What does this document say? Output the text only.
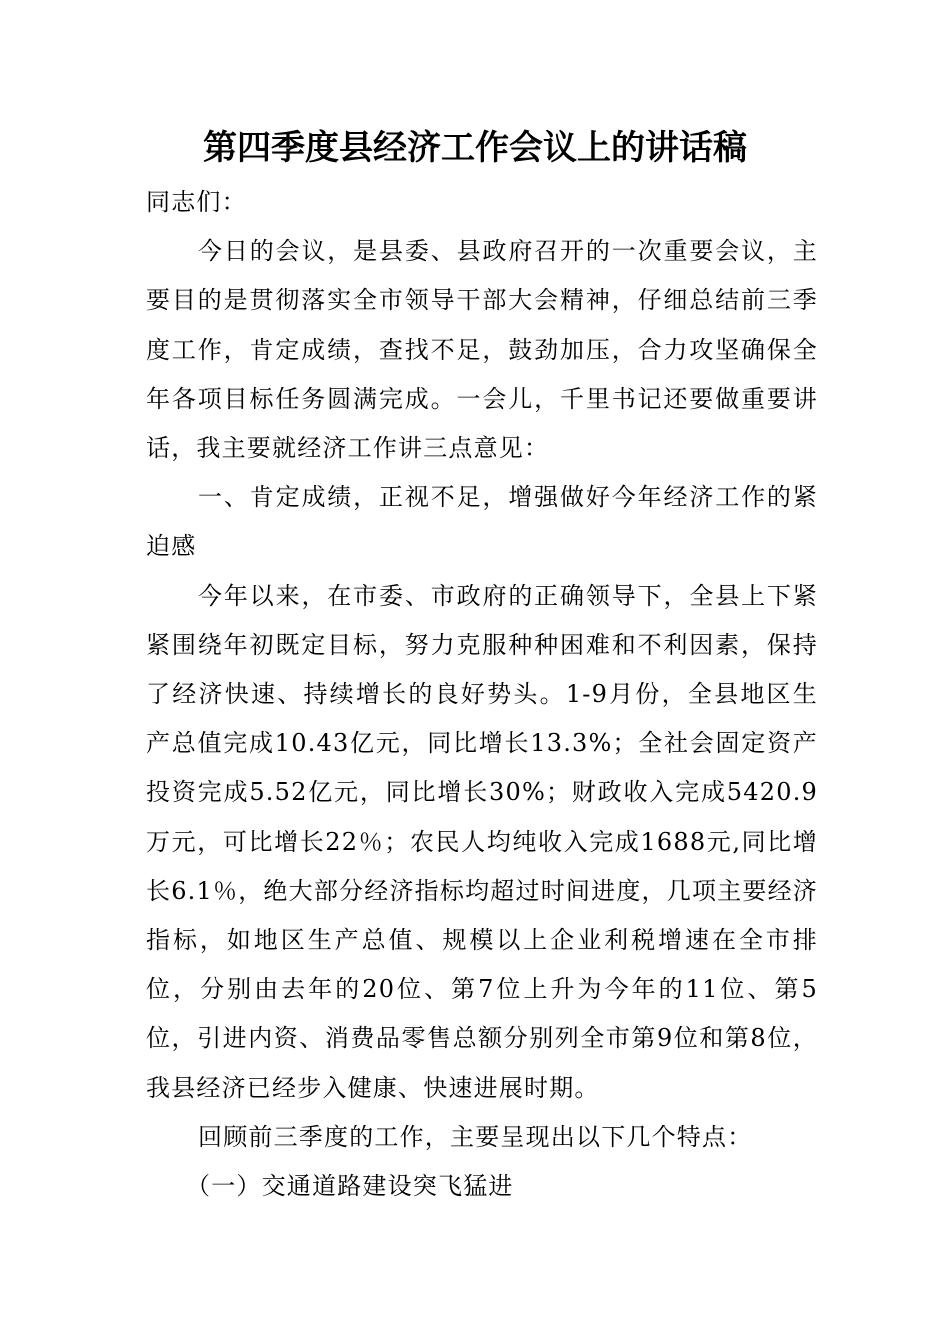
第四季度县经济工作会议上的讲话稿

同志们：

今日的会议，是县委、县政府召开的一次重要会议，主要目的是贯彻落实全市领导干部大会精神，仔细总结前三季度工作，肯定成绩，查找不足，鼓劲加压，合力攻坚确保全年各项目标任务圆满完成。一会儿，千里书记还要做重要讲话，我主要就经济工作讲三点意见：

一、肯定成绩，正视不足，增强做好今年经济工作的紧迫感

今年以来，在市委、市政府的正确领导下，全县上下紧紧围绕年初既定目标，努力克服种种困难和不利因素，保持了经济快速、持续增长的良好势头。1-9月份，全县地区生产总值完成10.43亿元，同比增长13.3%；全社会固定资产投资完成5.52亿元，同比增长30%；财政收入完成5420.9万元，可比增长22％；农民人均纯收入完成1688元,同比增长6.1％，绝大部分经济指标均超过时间进度，几项主要经济指标，如地区生产总值、规模以上企业利税增速在全市排位，分别由去年的20位、第7位上升为今年的11位、第5位，引进内资、消费品零售总额分别列全市第9位和第8位，我县经济已经步入健康、快速进展时期。

回顾前三季度的工作，主要呈现出以下几个特点：

（一）交通道路建设突飞猛进
